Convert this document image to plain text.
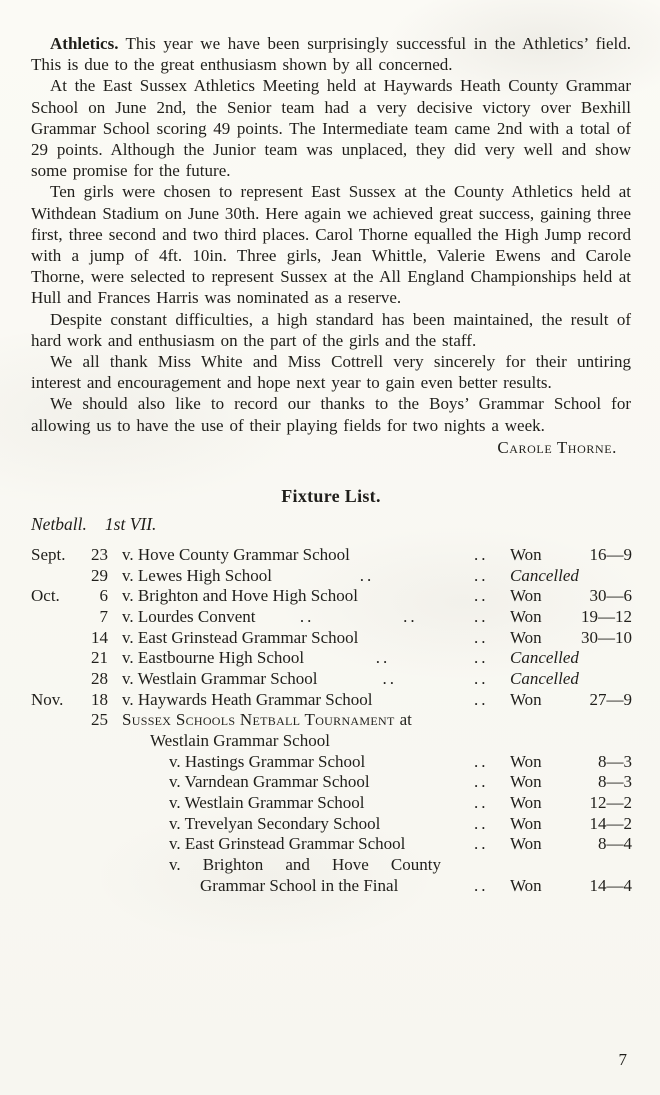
Athletics. This year we have been surprisingly successful in the Athletics’ field. This is due to the great enthusiasm shown by all concerned.

At the East Sussex Athletics Meeting held at Haywards Heath County Grammar School on June 2nd, the Senior team had a very decisive victory over Bexhill Grammar School scoring 49 points. The Intermediate team came 2nd with a total of 29 points. Although the Junior team was unplaced, they did very well and show some promise for the future.

Ten girls were chosen to represent East Sussex at the County Athletics held at Withdean Stadium on June 30th. Here again we achieved great success, gaining three first, three second and two third places. Carol Thorne equalled the High Jump record with a jump of 4ft. 10in. Three girls, Jean Whittle, Valerie Ewens and Carole Thorne, were selected to represent Sussex at the All England Championships held at Hull and Frances Harris was nominated as a reserve.

Despite constant difficulties, a high standard has been maintained, the result of hard work and enthusiasm on the part of the girls and the staff.

We all thank Miss White and Miss Cottrell very sincerely for their untiring interest and encouragement and hope next year to gain even better results.

We should also like to record our thanks to the Boys’ Grammar School for allowing us to have the use of their playing fields for two nights a week.

Carole Thorne.
Fixture List.
Netball. 1st VII.
Sept.	23 v. Hove County Grammar School	..	Won	16—9
29 v. Lewes High School	..	..	Cancelled
Oct.	6 v. Brighton and Hove High School	..	Won	30—6
7 v. Lourdes Convent	..	..	..	Won	19—12
14 v. East Grinstead Grammar School	..	Won	30—10
21 v. Eastbourne High School	..	..	Cancelled
28 v. Westlain Grammar School	..	..	Cancelled
Nov.	18 v. Haywards Heath Grammar School	..	Won	27—9
25 Sussex Schools Netball Tournament at
Westlain Grammar School
v. Hastings Grammar School	..	Won	8—3
v. Varndean Grammar School	..	Won	8—3
v. Westlain Grammar School	..	Won	12—2
v. Trevelyan Secondary School	..	Won	14—2
v. East Grinstead Grammar School	..	Won	8—4
v. Brighton and Hove County
Grammar School in the Final	..	Won	14—4
7
